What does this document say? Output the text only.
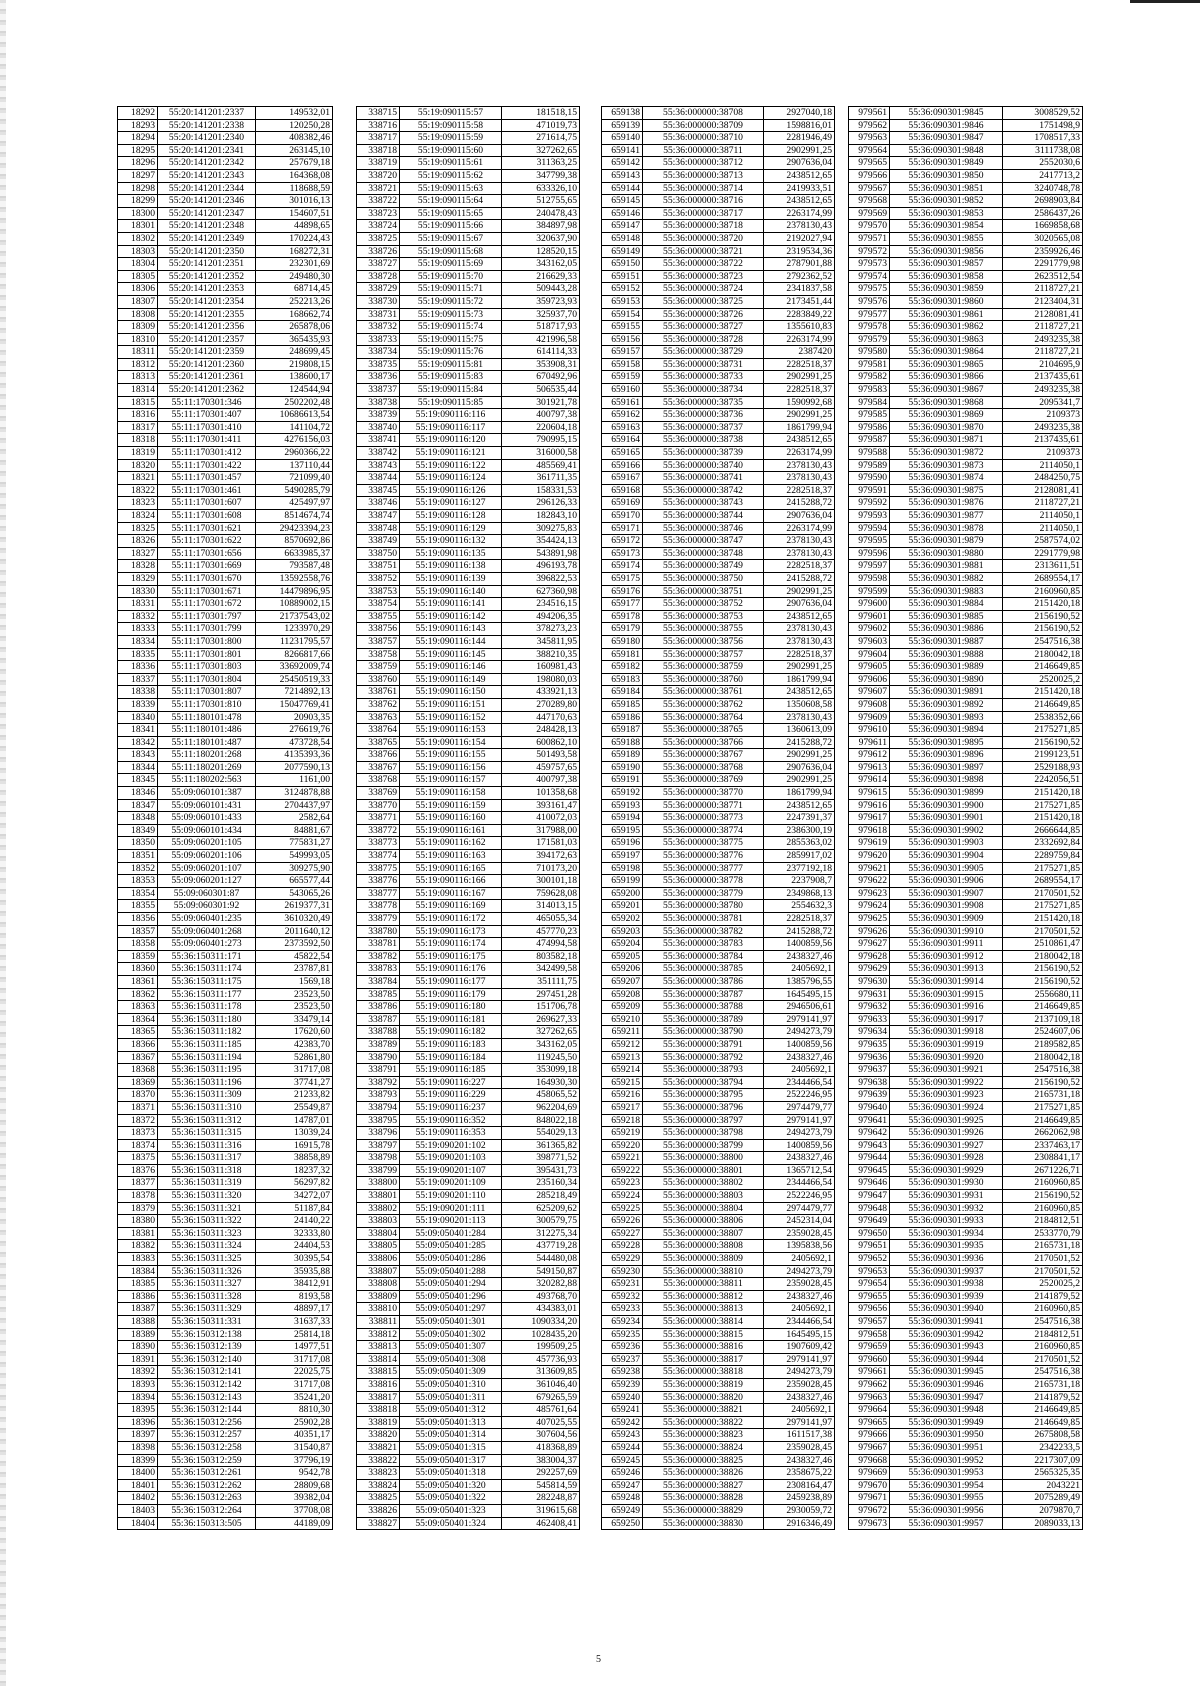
18292	55:20:141201:2337	149532,01
18293	55:20:141201:2338	120250,28
18294	55:20:141201:2340	408382,46
18295	55:20:141201:2341	263145,10
18296	55:20:141201:2342	257679,18
18297	55:20:141201:2343	164368,08
18298	55:20:141201:2344	118688,59
18299	55:20:141201:2346	301016,13
18300	55:20:141201:2347	154607,51
18301	55:20:141201:2348	44898,65
18302	55:20:141201:2349	170224,43
18303	55:20:141201:2350	168272,31
18304	55:20:141201:2351	232301,69
18305	55:20:141201:2352	249480,30
18306	55:20:141201:2353	68714,45
18307	55:20:141201:2354	252213,26
18308	55:20:141201:2355	168662,74
18309	55:20:141201:2356	265878,06
18310	55:20:141201:2357	365435,93
18311	55:20:141201:2359	248699,45
18312	55:20:141201:2360	219808,15
18313	55:20:141201:2361	138600,17
18314	55:20:141201:2362	124544,94
18315	55:11:170301:346	2502202,48
18316	55:11:170301:407	10686613,54
18317	55:11:170301:410	141104,72
18318	55:11:170301:411	4276156,03
18319	55:11:170301:412	2960366,22
18320	55:11:170301:422	137110,44
18321	55:11:170301:457	721099,40
18322	55:11:170301:461	5490285,79
18323	55:11:170301:607	425497,97
18324	55:11:170301:608	8514674,74
18325	55:11:170301:621	29423394,23
18326	55:11:170301:622	8570692,86
18327	55:11:170301:656	6633985,37
18328	55:11:170301:669	793587,48
18329	55:11:170301:670	13592558,76
18330	55:11:170301:671	14479896,95
18331	55:11:170301:672	10889002,15
18332	55:11:170301:797	21737543,02
18333	55:11:170301:799	1233970,29
18334	55:11:170301:800	11231795,57
18335	55:11:170301:801	8266817,66
18336	55:11:170301:803	33692009,74
18337	55:11:170301:804	25450519,33
18338	55:11:170301:807	7214892,13
18339	55:11:170301:810	15047769,41
18340	55:11:180101:478	20903,35
18341	55:11:180101:486	276619,76
18342	55:11:180101:487	473728,54
18343	55:11:180201:268	4135393,36
18344	55:11:180201:269	2077590,13
18345	55:11:180202:563	1161,00
18346	55:09:060101:387	3124878,88
18347	55:09:060101:431	2704437,97
18348	55:09:060101:433	2582,64
18349	55:09:060101:434	84881,67
18350	55:09:060201:105	775831,27
18351	55:09:060201:106	549993,05
18352	55:09:060201:107	309275,90
18353	55:09:060201:127	665577,44
18354	55:09:060301:87	543065,26
18355	55:09:060301:92	2619377,31
18356	55:09:060401:235	3610320,49
18357	55:09:060401:268	2011640,12
18358	55:09:060401:273	2373592,50
18359	55:36:150311:171	45822,54
18360	55:36:150311:174	23787,81
18361	55:36:150311:175	1569,18
18362	55:36:150311:177	23523,50
18363	55:36:150311:178	23523,50
18364	55:36:150311:180	33479,14
18365	55:36:150311:182	17620,60
18366	55:36:150311:185	42383,70
18367	55:36:150311:194	52861,80
18368	55:36:150311:195	31717,08
18369	55:36:150311:196	37741,27
18370	55:36:150311:309	21233,82
18371	55:36:150311:310	25549,87
18372	55:36:150311:312	14787,01
18373	55:36:150311:315	13039,24
18374	55:36:150311:316	16915,78
18375	55:36:150311:317	38858,89
18376	55:36:150311:318	18237,32
18377	55:36:150311:319	56297,82
18378	55:36:150311:320	34272,07
18379	55:36:150311:321	51187,84
18380	55:36:150311:322	24140,22
18381	55:36:150311:323	32333,80
18382	55:36:150311:324	24404,53
18383	55:36:150311:325	30395,54
18384	55:36:150311:326	35935,88
18385	55:36:150311:327	38412,91
18386	55:36:150311:328	8193,58
18387	55:36:150311:329	48897,17
18388	55:36:150311:331	31637,33
18389	55:36:150312:138	25814,18
18390	55:36:150312:139	14977,51
18391	55:36:150312:140	31717,08
18392	55:36:150312:141	22025,75
18393	55:36:150312:142	31717,08
18394	55:36:150312:143	35241,20
18395	55:36:150312:144	8810,30
18396	55:36:150312:256	25902,28
18397	55:36:150312:257	40351,17
18398	55:36:150312:258	31540,87
18399	55:36:150312:259	37796,19
18400	55:36:150312:261	9542,78
18401	55:36:150312:262	28809,68
18402	55:36:150312:263	39382,04
18403	55:36:150312:264	37708,08
18404	55:36:150313:505	44189,09
338715	55:19:090115:57	181518,15
338716	55:19:090115:58	471019,73
338717	55:19:090115:59	271614,75
338718	55:19:090115:60	327262,65
338719	55:19:090115:61	311363,25
338720	55:19:090115:62	347799,38
338721	55:19:090115:63	633326,10
338722	55:19:090115:64	512755,65
338723	55:19:090115:65	240478,43
338724	55:19:090115:66	384897,98
338725	55:19:090115:67	320637,90
338726	55:19:090115:68	128520,15
338727	55:19:090115:69	343162,05
338728	55:19:090115:70	216629,33
338729	55:19:090115:71	509443,28
338730	55:19:090115:72	359723,93
338731	55:19:090115:73	325937,70
338732	55:19:090115:74	518717,93
338733	55:19:090115:75	421996,58
338734	55:19:090115:76	614114,33
338735	55:19:090115:81	353908,31
338736	55:19:090115:83	670492,96
338737	55:19:090115:84	506535,44
338738	55:19:090115:85	301921,78
338739	55:19:090116:116	400797,38
338740	55:19:090116:117	220604,18
338741	55:19:090116:120	790995,15
338742	55:19:090116:121	316000,58
338743	55:19:090116:122	485569,41
338744	55:19:090116:124	361711,35
338745	55:19:090116:126	158331,53
338746	55:19:090116:127	296126,33
338747	55:19:090116:128	182843,10
338748	55:19:090116:129	309275,83
338749	55:19:090116:132	354424,13
338750	55:19:090116:135	543891,98
338751	55:19:090116:138	496193,78
338752	55:19:090116:139	396822,53
338753	55:19:090116:140	627360,98
338754	55:19:090116:141	234516,15
338755	55:19:090116:142	494206,35
338756	55:19:090116:143	378273,23
338757	55:19:090116:144	345811,95
338758	55:19:090116:145	388210,35
338759	55:19:090116:146	160981,43
338760	55:19:090116:149	198080,03
338761	55:19:090116:150	433921,13
338762	55:19:090116:151	270289,80
338763	55:19:090116:152	447170,63
338764	55:19:090116:153	248428,13
338765	55:19:090116:154	600862,10
338766	55:19:090116:155	501493,58
338767	55:19:090116:156	459757,65
338768	55:19:090116:157	400797,38
338769	55:19:090116:158	101358,68
338770	55:19:090116:159	393161,47
338771	55:19:090116:160	410072,03
338772	55:19:090116:161	317988,00
338773	55:19:090116:162	171581,03
338774	55:19:090116:163	394172,63
338775	55:19:090116:165	710173,20
338776	55:19:090116:166	300101,18
338777	55:19:090116:167	759628,08
338778	55:19:090116:169	314013,15
338779	55:19:090116:172	465055,34
338780	55:19:090116:173	457770,23
338781	55:19:090116:174	474994,58
338782	55:19:090116:175	803582,18
338783	55:19:090116:176	342499,58
338784	55:19:090116:177	351111,75
338785	55:19:090116:179	297451,28
338786	55:19:090116:180	151706,78
338787	55:19:090116:181	269627,33
338788	55:19:090116:182	327262,65
338789	55:19:090116:183	343162,05
338790	55:19:090116:184	119245,50
338791	55:19:090116:185	353099,18
338792	55:19:090116:227	164930,30
338793	55:19:090116:229	458065,52
338794	55:19:090116:237	962204,69
338795	55:19:090116:352	848022,18
338796	55:19:090116:353	554029,13
338797	55:19:090201:102	361365,82
338798	55:19:090201:103	398771,52
338799	55:19:090201:107	395431,73
338800	55:19:090201:109	235160,34
338801	55:19:090201:110	285218,49
338802	55:19:090201:111	625209,62
338803	55:19:090201:113	300579,75
338804	55:09:050401:284	312275,34
338805	55:09:050401:285	437719,28
338806	55:09:050401:286	544480,08
338807	55:09:050401:288	549150,87
338808	55:09:050401:294	320282,88
338809	55:09:050401:296	493768,70
338810	55:09:050401:297	434383,01
338811	55:09:050401:301	1090334,20
338812	55:09:050401:302	1028435,20
338813	55:09:050401:307	199509,25
338814	55:09:050401:308	457736,93
338815	55:09:050401:309	313609,85
338816	55:09:050401:310	361046,40
338817	55:09:050401:311	679265,59
338818	55:09:050401:312	485761,64
338819	55:09:050401:313	407025,55
338820	55:09:050401:314	307604,56
338821	55:09:050401:315	418368,89
338822	55:09:050401:317	383004,37
338823	55:09:050401:318	292257,69
338824	55:09:050401:320	545814,59
338825	55:09:050401:322	282248,87
338826	55:09:050401:323	319615,68
338827	55:09:050401:324	462408,41
659138	55:36:000000:38708	2927040,18
659139	55:36:000000:38709	1598816,01
659140	55:36:000000:38710	2281946,49
659141	55:36:000000:38711	2902991,25
659142	55:36:000000:38712	2907636,04
659143	55:36:000000:38713	2438512,65
659144	55:36:000000:38714	2419933,51
659145	55:36:000000:38716	2438512,65
659146	55:36:000000:38717	2263174,99
659147	55:36:000000:38718	2378130,43
659148	55:36:000000:38720	2192027,94
659149	55:36:000000:38721	2319534,36
659150	55:36:000000:38722	2787901,88
659151	55:36:000000:38723	2792362,52
659152	55:36:000000:38724	2341837,58
659153	55:36:000000:38725	2173451,44
659154	55:36:000000:38726	2283849,22
659155	55:36:000000:38727	1355610,83
659156	55:36:000000:38728	2263174,99
659157	55:36:000000:38729	2387420
659158	55:36:000000:38731	2282518,37
659159	55:36:000000:38733	2902991,25
659160	55:36:000000:38734	2282518,37
659161	55:36:000000:38735	1590992,68
659162	55:36:000000:38736	2902991,25
659163	55:36:000000:38737	1861799,94
659164	55:36:000000:38738	2438512,65
659165	55:36:000000:38739	2263174,99
659166	55:36:000000:38740	2378130,43
659167	55:36:000000:38741	2378130,43
659168	55:36:000000:38742	2282518,37
659169	55:36:000000:38743	2415288,72
659170	55:36:000000:38744	2907636,04
659171	55:36:000000:38746	2263174,99
659172	55:36:000000:38747	2378130,43
659173	55:36:000000:38748	2378130,43
659174	55:36:000000:38749	2282518,37
659175	55:36:000000:38750	2415288,72
659176	55:36:000000:38751	2902991,25
659177	55:36:000000:38752	2907636,04
659178	55:36:000000:38753	2438512,65
659179	55:36:000000:38755	2378130,43
659180	55:36:000000:38756	2378130,43
659181	55:36:000000:38757	2282518,37
659182	55:36:000000:38759	2902991,25
659183	55:36:000000:38760	1861799,94
659184	55:36:000000:38761	2438512,65
659185	55:36:000000:38762	1350608,58
659186	55:36:000000:38764	2378130,43
659187	55:36:000000:38765	1360613,09
659188	55:36:000000:38766	2415288,72
659189	55:36:000000:38767	2902991,25
659190	55:36:000000:38768	2907636,04
659191	55:36:000000:38769	2902991,25
659192	55:36:000000:38770	1861799,94
659193	55:36:000000:38771	2438512,65
659194	55:36:000000:38773	2247391,37
659195	55:36:000000:38774	2386300,19
659196	55:36:000000:38775	2855363,02
659197	55:36:000000:38776	2859917,02
659198	55:36:000000:38777	2377192,18
659199	55:36:000000:38778	2237908,7
659200	55:36:000000:38779	2349868,13
659201	55:36:000000:38780	2554632,3
659202	55:36:000000:38781	2282518,37
659203	55:36:000000:38782	2415288,72
659204	55:36:000000:38783	1400859,56
659205	55:36:000000:38784	2438327,46
659206	55:36:000000:38785	2405692,1
659207	55:36:000000:38786	1385796,55
659208	55:36:000000:38787	1645495,15
659209	55:36:000000:38788	2946506,61
659210	55:36:000000:38789	2979141,97
659211	55:36:000000:38790	2494273,79
659212	55:36:000000:38791	1400859,56
659213	55:36:000000:38792	2438327,46
659214	55:36:000000:38793	2405692,1
659215	55:36:000000:38794	2344466,54
659216	55:36:000000:38795	2522246,95
659217	55:36:000000:38796	2974479,77
659218	55:36:000000:38797	2979141,97
659219	55:36:000000:38798	2494273,79
659220	55:36:000000:38799	1400859,56
659221	55:36:000000:38800	2438327,46
659222	55:36:000000:38801	1365712,54
659223	55:36:000000:38802	2344466,54
659224	55:36:000000:38803	2522246,95
659225	55:36:000000:38804	2974479,77
659226	55:36:000000:38806	2452314,04
659227	55:36:000000:38807	2359028,45
659228	55:36:000000:38808	1395838,56
659229	55:36:000000:38809	2405692,1
659230	55:36:000000:38810	2494273,79
659231	55:36:000000:38811	2359028,45
659232	55:36:000000:38812	2438327,46
659233	55:36:000000:38813	2405692,1
659234	55:36:000000:38814	2344466,54
659235	55:36:000000:38815	1645495,15
659236	55:36:000000:38816	1907609,42
659237	55:36:000000:38817	2979141,97
659238	55:36:000000:38818	2494273,79
659239	55:36:000000:38819	2359028,45
659240	55:36:000000:38820	2438327,46
659241	55:36:000000:38821	2405692,1
659242	55:36:000000:38822	2979141,97
659243	55:36:000000:38823	1611517,38
659244	55:36:000000:38824	2359028,45
659245	55:36:000000:38825	2438327,46
659246	55:36:000000:38826	2358675,22
659247	55:36:000000:38827	2308164,47
659248	55:36:000000:38828	2459238,89
659249	55:36:000000:38829	2930059,72
659250	55:36:000000:38830	2916346,49
979561	55:36:090301:9845	3008529,52
979562	55:36:090301:9846	1751498,9
979563	55:36:090301:9847	1708517,33
979564	55:36:090301:9848	3111738,08
979565	55:36:090301:9849	2552030,6
979566	55:36:090301:9850	2417713,2
979567	55:36:090301:9851	3240748,78
979568	55:36:090301:9852	2698903,84
979569	55:36:090301:9853	2586437,26
979570	55:36:090301:9854	1669858,68
979571	55:36:090301:9855	3020565,08
979572	55:36:090301:9856	2359926,46
979573	55:36:090301:9857	2291779,98
979574	55:36:090301:9858	2623512,54
979575	55:36:090301:9859	2118727,21
979576	55:36:090301:9860	2123404,31
979577	55:36:090301:9861	2128081,41
979578	55:36:090301:9862	2118727,21
979579	55:36:090301:9863	2493235,38
979580	55:36:090301:9864	2118727,21
979581	55:36:090301:9865	2104695,9
979582	55:36:090301:9866	2137435,61
979583	55:36:090301:9867	2493235,38
979584	55:36:090301:9868	2095341,7
979585	55:36:090301:9869	2109373
979586	55:36:090301:9870	2493235,38
979587	55:36:090301:9871	2137435,61
979588	55:36:090301:9872	2109373
979589	55:36:090301:9873	2114050,1
979590	55:36:090301:9874	2484250,75
979591	55:36:090301:9875	2128081,41
979592	55:36:090301:9876	2118727,21
979593	55:36:090301:9877	2114050,1
979594	55:36:090301:9878	2114050,1
979595	55:36:090301:9879	2587574,02
979596	55:36:090301:9880	2291779,98
979597	55:36:090301:9881	2313611,51
979598	55:36:090301:9882	2689554,17
979599	55:36:090301:9883	2160960,85
979600	55:36:090301:9884	2151420,18
979601	55:36:090301:9885	2156190,52
979602	55:36:090301:9886	2156190,52
979603	55:36:090301:9887	2547516,38
979604	55:36:090301:9888	2180042,18
979605	55:36:090301:9889	2146649,85
979606	55:36:090301:9890	2520025,2
979607	55:36:090301:9891	2151420,18
979608	55:36:090301:9892	2146649,85
979609	55:36:090301:9893	2538352,66
979610	55:36:090301:9894	2175271,85
979611	55:36:090301:9895	2156190,52
979612	55:36:090301:9896	2199123,51
979613	55:36:090301:9897	2529188,93
979614	55:36:090301:9898	2242056,51
979615	55:36:090301:9899	2151420,18
979616	55:36:090301:9900	2175271,85
979617	55:36:090301:9901	2151420,18
979618	55:36:090301:9902	2666644,85
979619	55:36:090301:9903	2332692,84
979620	55:36:090301:9904	2289759,84
979621	55:36:090301:9905	2175271,85
979622	55:36:090301:9906	2689554,17
979623	55:36:090301:9907	2170501,52
979624	55:36:090301:9908	2175271,85
979625	55:36:090301:9909	2151420,18
979626	55:36:090301:9910	2170501,52
979627	55:36:090301:9911	2510861,47
979628	55:36:090301:9912	2180042,18
979629	55:36:090301:9913	2156190,52
979630	55:36:090301:9914	2156190,52
979631	55:36:090301:9915	2556680,11
979632	55:36:090301:9916	2146649,85
979633	55:36:090301:9917	2137109,18
979634	55:36:090301:9918	2524607,06
979635	55:36:090301:9919	2189582,85
979636	55:36:090301:9920	2180042,18
979637	55:36:090301:9921	2547516,38
979638	55:36:090301:9922	2156190,52
979639	55:36:090301:9923	2165731,18
979640	55:36:090301:9924	2175271,85
979641	55:36:090301:9925	2146649,85
979642	55:36:090301:9926	2662062,98
979643	55:36:090301:9927	2337463,17
979644	55:36:090301:9928	2308841,17
979645	55:36:090301:9929	2671226,71
979646	55:36:090301:9930	2160960,85
979647	55:36:090301:9931	2156190,52
979648	55:36:090301:9932	2160960,85
979649	55:36:090301:9933	2184812,51
979650	55:36:090301:9934	2533770,79
979651	55:36:090301:9935	2165731,18
979652	55:36:090301:9936	2170501,52
979653	55:36:090301:9937	2170501,52
979654	55:36:090301:9938	2520025,2
979655	55:36:090301:9939	2141879,52
979656	55:36:090301:9940	2160960,85
979657	55:36:090301:9941	2547516,38
979658	55:36:090301:9942	2184812,51
979659	55:36:090301:9943	2160960,85
979660	55:36:090301:9944	2170501,52
979661	55:36:090301:9945	2547516,38
979662	55:36:090301:9946	2165731,18
979663	55:36:090301:9947	2141879,52
979664	55:36:090301:9948	2146649,85
979665	55:36:090301:9949	2146649,85
979666	55:36:090301:9950	2675808,58
979667	55:36:090301:9951	2342233,5
979668	55:36:090301:9952	2217307,09
979669	55:36:090301:9953	2565325,35
979670	55:36:090301:9954	2043221
979671	55:36:090301:9955	2075289,49
979672	55:36:090301:9956	2079870,7
979673	55:36:090301:9957	2089033,13
5
